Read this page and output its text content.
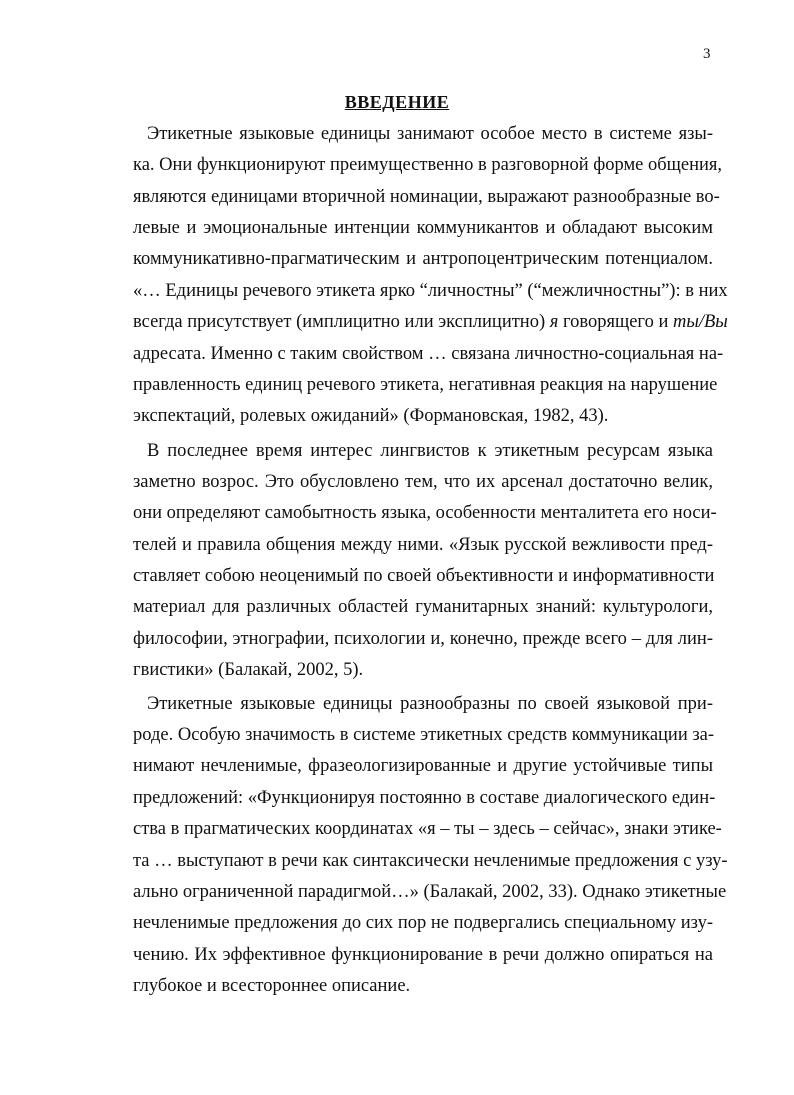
3
ВВЕДЕНИЕ
Этикетные языковые единицы занимают особое место в системе язы-
ка. Они функционируют преимущественно в разговорной форме общения,
являются единицами вторичной номинации, выражают разнообразные во-
левые и эмоциональные интенции коммуникантов и обладают высоким
коммуникативно-прагматическим и антропоцентрическим потенциалом.
«… Единицы речевого этикета ярко “личностны” (“межличностны”): в них
всегда присутствует (имплицитно или эксплицитно) я говорящего и ты/Вы
адресата. Именно с таким свойством … связана личностно-социальная на-
правленность единиц речевого этикета, негативная реакция на нарушение
экспектаций, ролевых ожиданий» (Формановская, 1982, 43).
В последнее время интерес лингвистов к этикетным ресурсам языка
заметно возрос. Это обусловлено тем, что их арсенал достаточно велик,
они определяют самобытность языка, особенности менталитета его носи-
телей и правила общения между ними. «Язык русской вежливости пред-
ставляет собою неоценимый по своей объективности и информативности
материал для различных областей гуманитарных знаний: культурологи,
философии, этнографии, психологии и, конечно, прежде всего – для лин-
гвистики» (Балакай, 2002, 5).
Этикетные языковые единицы разнообразны по своей языковой при-
роде. Особую значимость в системе этикетных средств коммуникации за-
нимают нечленимые, фразеологизированные и другие устойчивые типы
предложений: «Функционируя постоянно в составе диалогического един-
ства в прагматических координатах «я – ты – здесь – сейчас», знаки этике-
та … выступают в речи как синтаксически нечленимые предложения с узу-
ально ограниченной парадигмой…» (Балакай, 2002, 33). Однако этикетные
нечленимые предложения до сих пор не подвергались специальному изу-
чению. Их эффективное функционирование в речи должно опираться на
глубокое и всестороннее описание.
